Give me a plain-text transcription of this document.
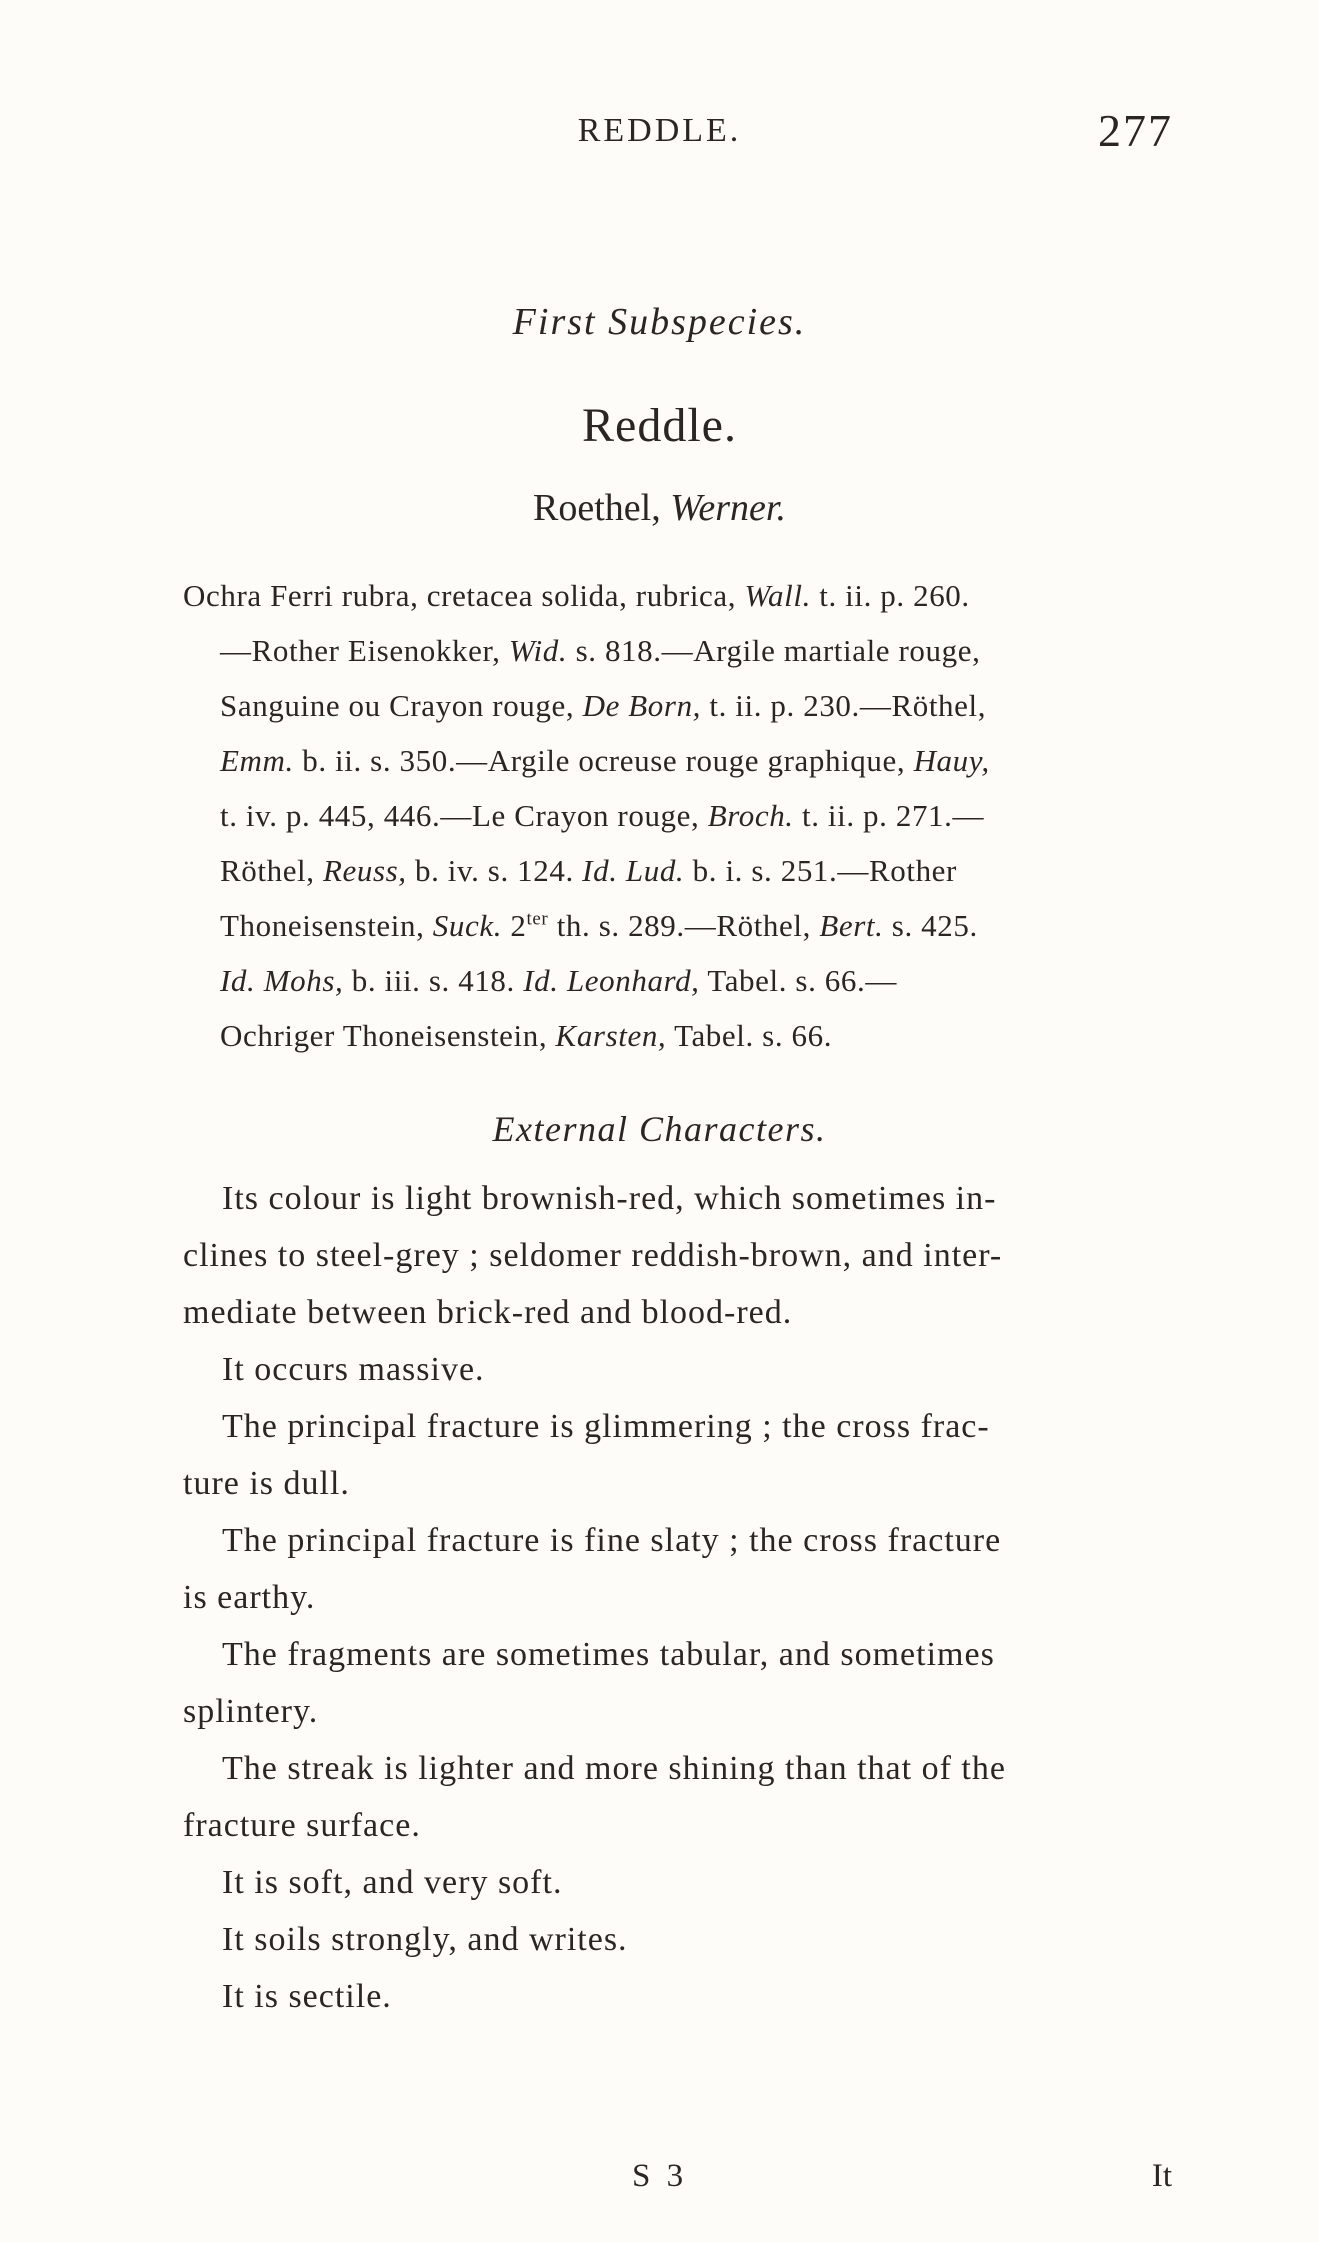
REDDLE.	277
First Subspecies.
Reddle.
Roethel, Werner.
Ochra Ferri rubra, cretacea solida, rubrica, Wall. t. ii. p. 260.
—Rother Eisenokker, Wid. s. 818.—Argile martiale rouge,
Sanguine ou Crayon rouge, De Born, t. ii. p. 230.—Röthel,
Emm. b. ii. s. 350.—Argile ocreuse rouge graphique, Hauy,
t. iv. p. 445, 446.—Le Crayon rouge, Broch. t. ii. p. 271.—
Röthel, Reuss, b. iv. s. 124. Id. Lud. b. i. s. 251.—Rother
Thoneisenstein, Suck. $2^{ter}$ th. s. 289.—Röthel, Bert. s. 425.
Id. Mohs, b. iii. s. 418. Id. Leonhard, Tabel. s. 66.—
Ochriger Thoneisenstein, Karsten, Tabel. s. 66.
External Characters.
Its colour is light brownish-red, which sometimes in-
clines to steel-grey ; seldomer reddish-brown, and inter-
mediate between brick-red and blood-red.
It occurs massive.
The principal fracture is glimmering ; the cross frac-
ture is dull.
The principal fracture is fine slaty ; the cross fracture
is earthy.
The fragments are sometimes tabular, and sometimes
splintery.
The streak is lighter and more shining than that of the
fracture surface.
It is soft, and very soft.
It soils strongly, and writes.
It is sectile.
S 3	It
